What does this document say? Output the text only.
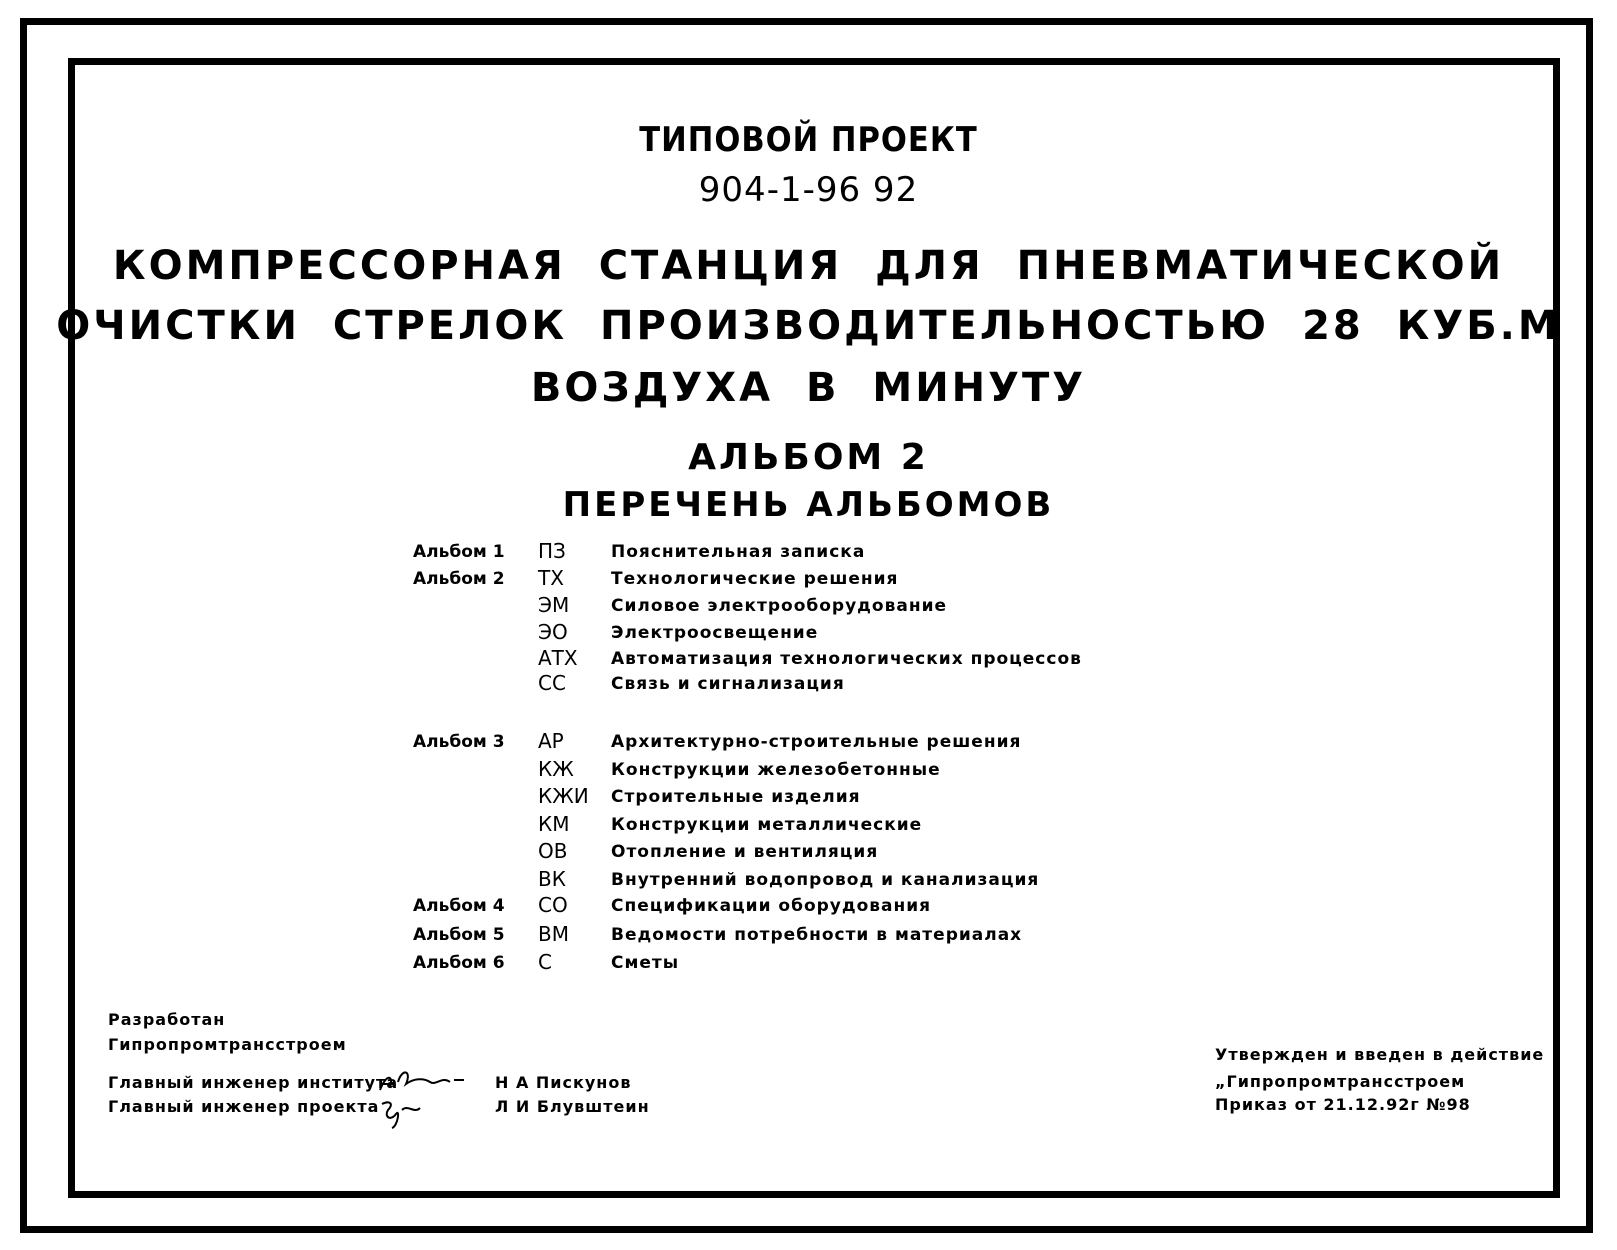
ТИПОВОЙ ПРОЕКТ
904-1-96 92
КОМПРЕССОРНАЯ СТАНЦИЯ ДЛЯ ПНЕВМАТИЧЕСКОЙ
ОЧИСТКИ СТРЕЛОК ПРОИЗВОДИТЕЛЬНОСТЬЮ 28 КУБ.М
ВОЗДУХА В МИНУТУ
АЛЬБОМ 2
ПЕРЕЧЕНЬ АЛЬБОМОВ
Альбом 1	ПЗ	Пояснительная записка
Альбом 2	ТХ	Технологические решения
ЭМ	Силовое электрооборудование
ЭО	Электроосвещение
АТХ	Автоматизация технологических процессов
СС	Связь и сигнализация
Альбом 3	АР	Архитектурно-строительные решения
КЖ	Конструкции железобетонные
КЖИ	Строительные изделия
КМ	Конструкции металлические
ОВ	Отопление и вентиляция
ВК	Внутренний водопровод и канализация
Альбом 4	СО	Спецификации оборудования
Альбом 5	ВМ	Ведомости потребности в материалах
Альбом 6	С	Сметы
Разработан
Гипропромтрансстроем
Главный инженер института
Главный инженер проекта
Н А Пискунов
Л И Блувштеин
Утвержден и введен в действие
„Гипропромтрансстроем
Приказ от 21.12.92г №98
